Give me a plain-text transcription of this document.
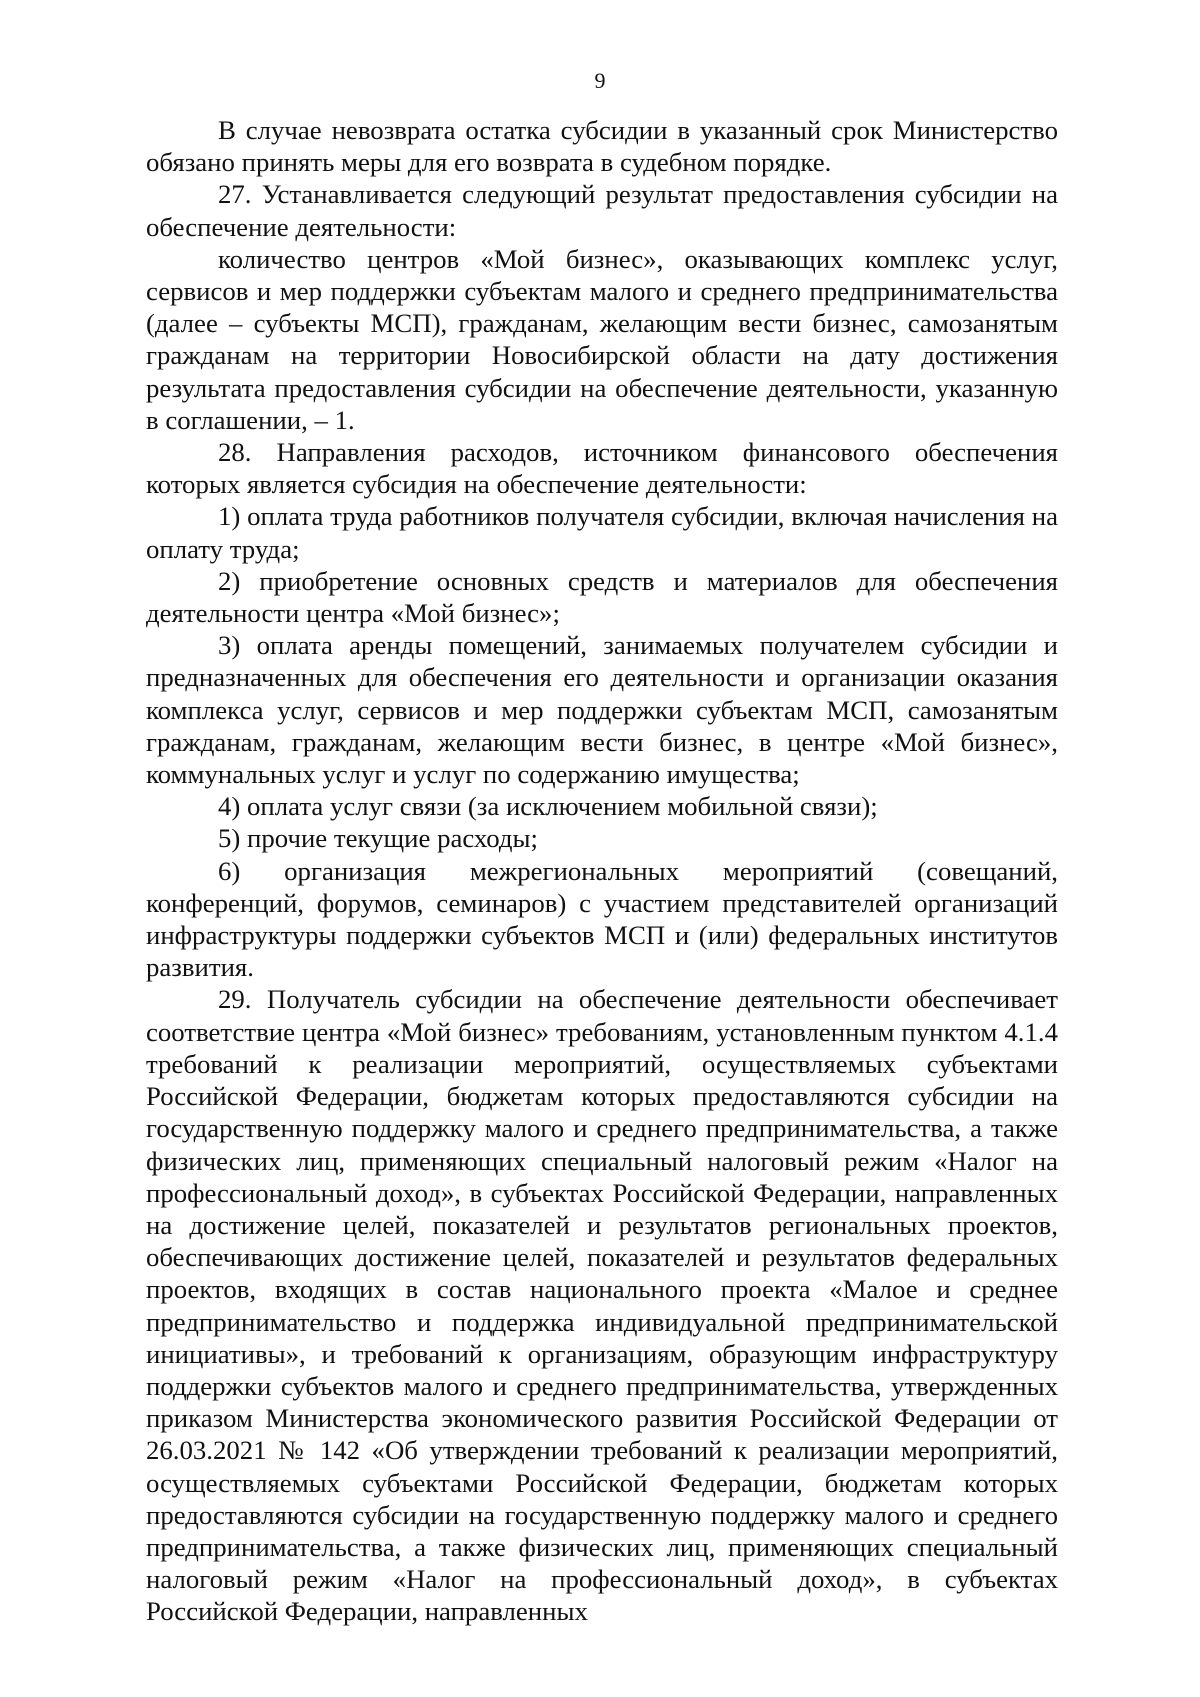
9

В случае невозврата остатка субсидии в указанный срок Министерство обязано принять меры для его возврата в судебном порядке.

27. Устанавливается следующий результат предоставления субсидии на обеспечение деятельности:

количество центров «Мой бизнес», оказывающих комплекс услуг, сервисов и мер поддержки субъектам малого и среднего предпринимательства (далее – субъекты МСП), гражданам, желающим вести бизнес, самозанятым гражданам на территории Новосибирской области на дату достижения результата предоставления субсидии на обеспечение деятельности, указанную в соглашении, – 1.

28. Направления расходов, источником финансового обеспечения которых является субсидия на обеспечение деятельности:

1) оплата труда работников получателя субсидии, включая начисления на оплату труда;

2) приобретение основных средств и материалов для обеспечения деятельности центра «Мой бизнес»;

3) оплата аренды помещений, занимаемых получателем субсидии и предназначенных для обеспечения его деятельности и организации оказания комплекса услуг, сервисов и мер поддержки субъектам МСП, самозанятым гражданам, гражданам, желающим вести бизнес, в центре «Мой бизнес», коммунальных услуг и услуг по содержанию имущества;

4) оплата услуг связи (за исключением мобильной связи);

5) прочие текущие расходы;

6) организация межрегиональных мероприятий (совещаний, конференций, форумов, семинаров) с участием представителей организаций инфраструктуры поддержки субъектов МСП и (или) федеральных институтов развития.

29. Получатель субсидии на обеспечение деятельности обеспечивает соответствие центра «Мой бизнес» требованиям, установленным пунктом 4.1.4 требований к реализации мероприятий, осуществляемых субъектами Российской Федерации, бюджетам которых предоставляются субсидии на государственную поддержку малого и среднего предпринимательства, а также физических лиц, применяющих специальный налоговый режим «Налог на профессиональный доход», в субъектах Российской Федерации, направленных на достижение целей, показателей и результатов региональных проектов, обеспечивающих достижение целей, показателей и результатов федеральных проектов, входящих в состав национального проекта «Малое и среднее предпринимательство и поддержка индивидуальной предпринимательской инициативы», и требований к организациям, образующим инфраструктуру поддержки субъектов малого и среднего предпринимательства, утвержденных приказом Министерства экономического развития Российской Федерации от 26.03.2021 № 142 «Об утверждении требований к реализации мероприятий, осуществляемых субъектами Российской Федерации, бюджетам которых предоставляются субсидии на государственную поддержку малого и среднего предпринимательства, а также физических лиц, применяющих специальный налоговый режим «Налог на профессиональный доход», в субъектах Российской Федерации, направленных
